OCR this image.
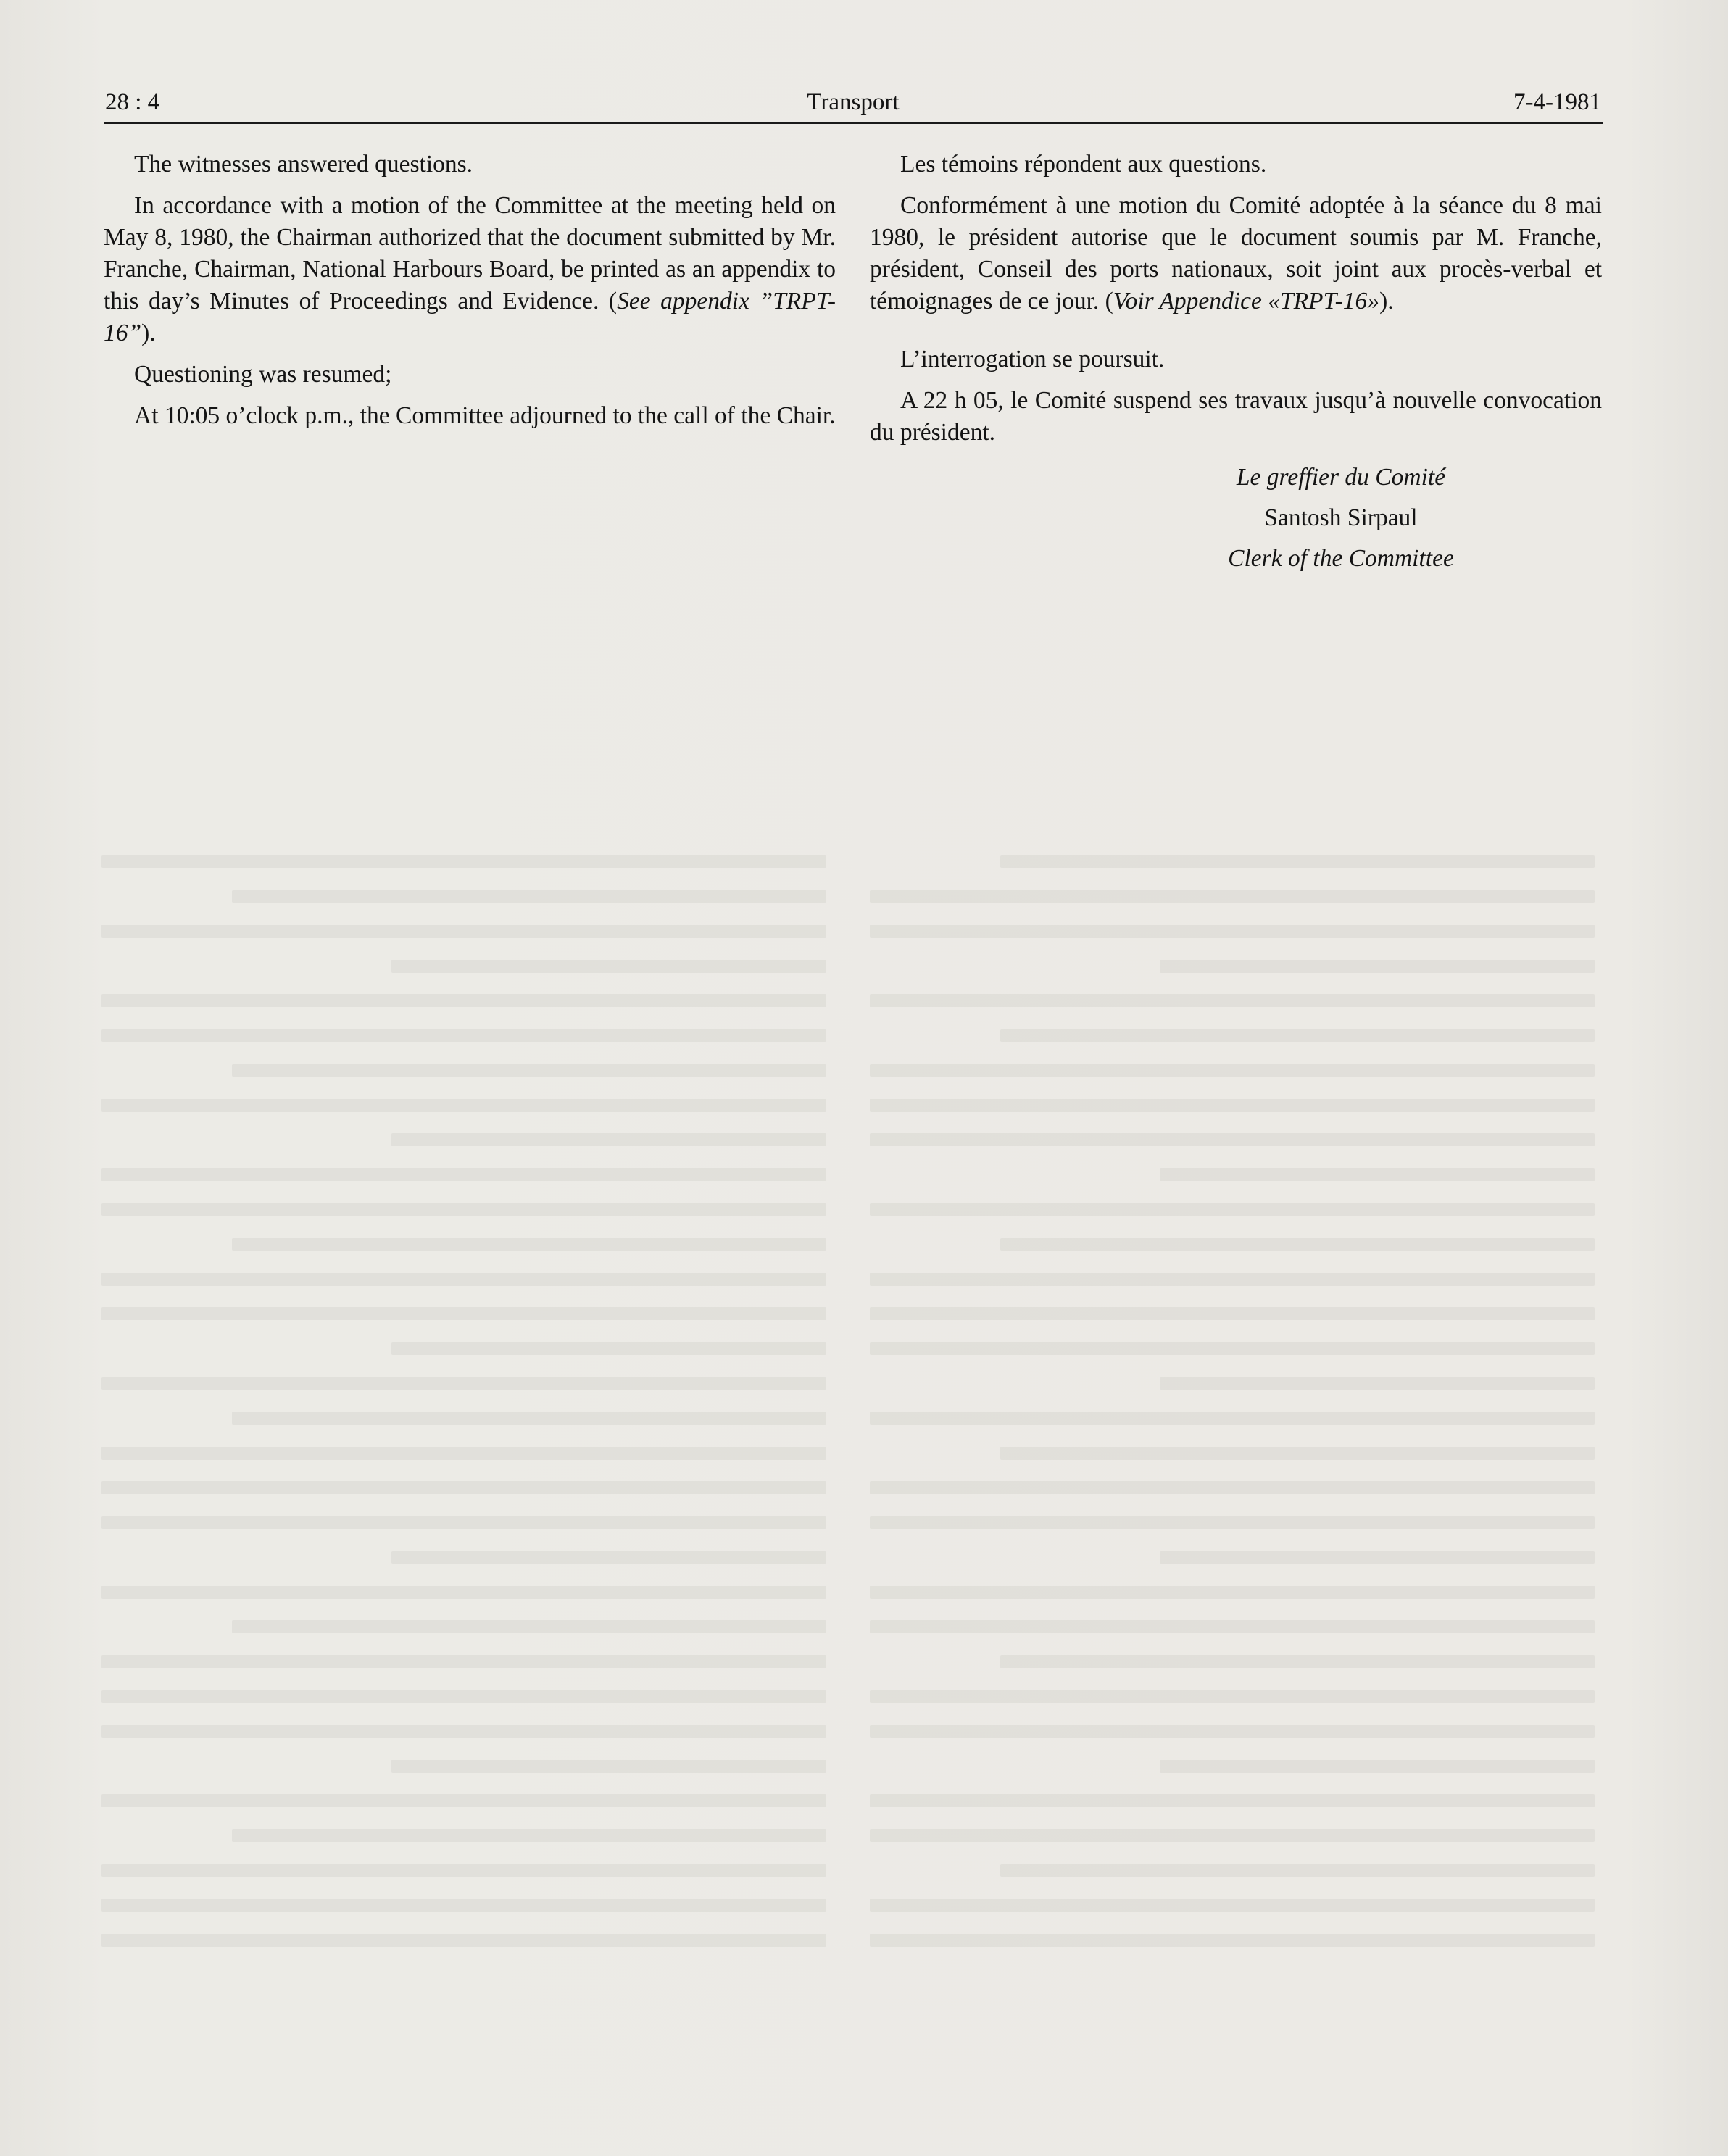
28 : 4	Transport	7-4-1981

The witnesses answered questions.

In accordance with a motion of the Committee at the meeting held on May 8, 1980, the Chairman authorized that the document submitted by Mr. Franche, Chairman, National Harbours Board, be printed as an appendix to this day’s Minutes of Proceedings and Evidence. (See appendix ”TRPT-16”).

Questioning was resumed;

At 10:05 o’clock p.m., the Committee adjourned to the call of the Chair.

Les témoins répondent aux questions.

Conformément à une motion du Comité adoptée à la séance du 8 mai 1980, le président autorise que le document soumis par M. Franche, président, Conseil des ports nationaux, soit joint aux procès-verbal et témoignages de ce jour. (Voir Appendice «TRPT-16»).

L’interrogation se poursuit.

A 22 h 05, le Comité suspend ses travaux jusqu’à nouvelle convocation du président.

Le greffier du Comité

Santosh Sirpaul

Clerk of the Committee
